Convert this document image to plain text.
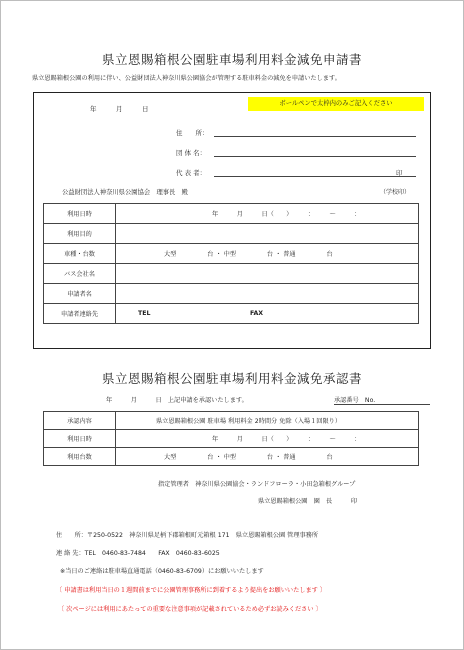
県立恩賜箱根公園駐車場利用料金減免申請書
県立恩賜箱根公園の利用に伴い、公益財団法人神奈川県公園協会が管理する駐車料金の減免を申請いたします。
年　　　月　　　日
ボールペンで太枠内のみご記入ください
住　　所：
団 体 名：
代 表 者：	印
公益財団法人神奈川県公園協会　理事長　殿	（学校印）
利用日時	年　　　月　　　日（　　）　　　：　　　～　　　：
利用目的	
車種・台数	大型　　　　　台 ・ 中型　　　　　台 ・ 普通　　　　　台
バス会社名	
申請者名	
申請者連絡先	TEL FAX
県立恩賜箱根公園駐車場利用料金減免承認書
年　　　月　　　日　上記申請を承認いたします。	承認番号　No.
承認内容	県立恩賜箱根公園 駐車場 利用料金 2時間分 免除（入場１回限り）
利用日時	年　　　月　　　日（　　）　　　：　　　～　　　：
利用台数	大型　　　　　台 ・ 中型　　　　　台 ・ 普通　　　　　台
指定管理者　神奈川県公園協会・ランドフローラ・小田急箱根グループ
県立恩賜箱根公園　園　長　　　印
住　　所：〒250-0522　神奈川県足柄下郡箱根町元箱根 171　県立恩賜箱根公園 管理事務所
連 絡 先：TEL　0460-83-7484　　FAX　0460-83-6025
※当日のご連絡は駐車場直通電話（0460-83-6709）にお願いいたします
〔 申請書は利用当日の１週間前までに公園管理事務所に到着するよう提出をお願いいたします 〕
〔 次ページには利用にあたっての重要な注意事項が記載されているため必ずお読みください 〕
